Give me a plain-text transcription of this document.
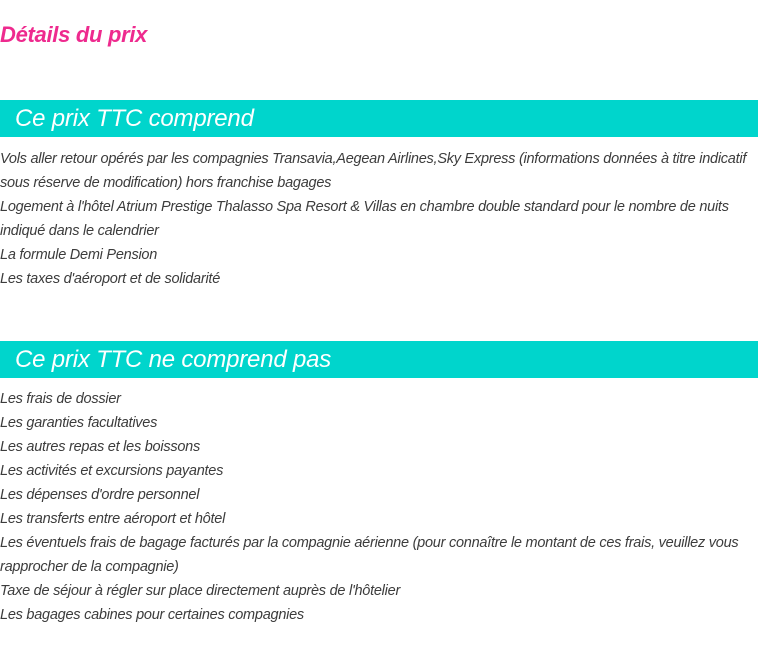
Détails du prix
Ce prix TTC comprend
Vols aller retour opérés par les compagnies Transavia,Aegean Airlines,Sky Express (informations données à titre indicatif sous réserve de modification) hors franchise bagages
Logement à l'hôtel Atrium Prestige Thalasso Spa Resort & Villas en chambre double standard pour le nombre de nuits indiqué dans le calendrier
La formule Demi Pension
Les taxes d'aéroport et de solidarité
Ce prix TTC ne comprend pas
Les frais de dossier
Les garanties facultatives
Les autres repas et les boissons
Les activités et excursions payantes
Les dépenses d'ordre personnel
Les transferts entre aéroport et hôtel
Les éventuels frais de bagage facturés par la compagnie aérienne (pour connaître le montant de ces frais, veuillez vous rapprocher de la compagnie)
Taxe de séjour à régler sur place directement auprès de l'hôtelier
Les bagages cabines pour certaines compagnies
